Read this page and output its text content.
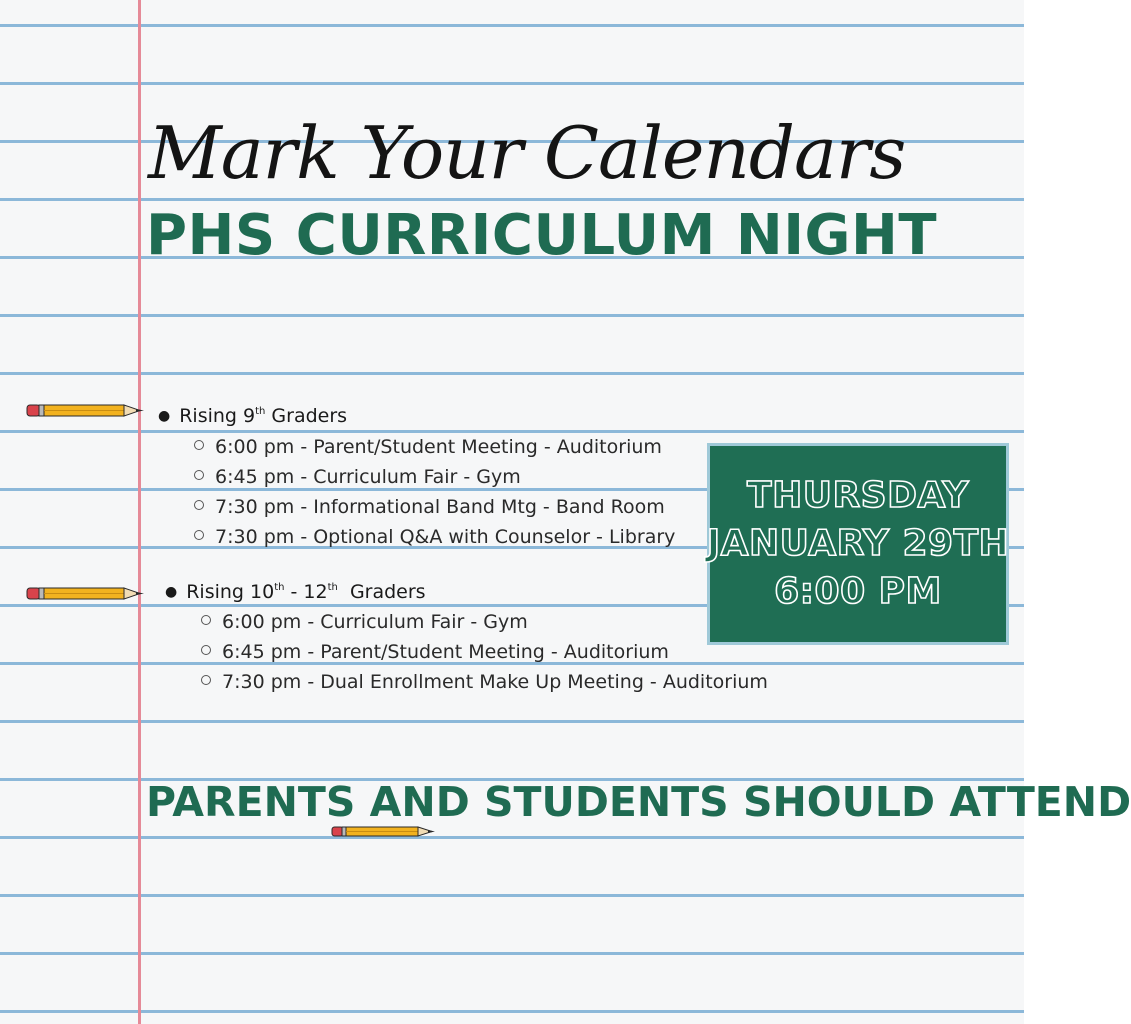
Mark Your Calendars
PHS CURRICULUM NIGHT
● Rising 9th Graders
6:00 pm - Parent/Student Meeting - Auditorium
6:45 pm - Curriculum Fair - Gym
7:30 pm - Informational Band Mtg - Band Room
7:30 pm - Optional Q&A with Counselor - Library
● Rising 10th - 12th  Graders
6:00 pm - Curriculum Fair - Gym
6:45 pm - Parent/Student Meeting - Auditorium
7:30 pm - Dual Enrollment Make Up Meeting - Auditorium
THURSDAY
JANUARY 29TH
6:00 PM
PARENTS AND STUDENTS SHOULD ATTEND
